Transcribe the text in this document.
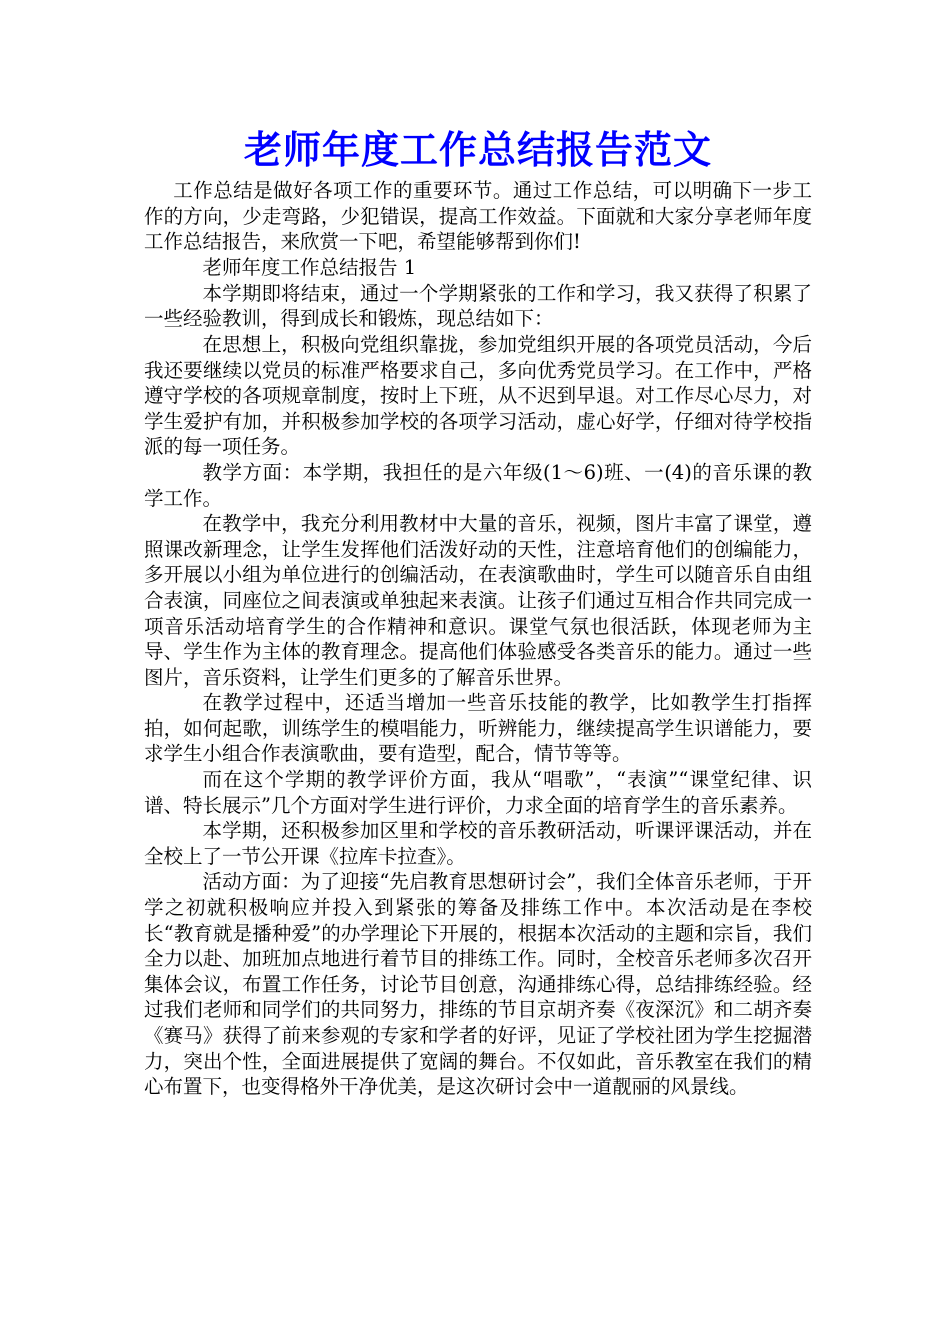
老师年度工作总结报告范文

工作总结是做好各项工作的重要环节。通过工作总结，可以明确下一步工作的方向，少走弯路，少犯错误，提高工作效益。下面就和大家分享老师年度工作总结报告，来欣赏一下吧，希望能够帮到你们!

老师年度工作总结报告 1

本学期即将结束，通过一个学期紧张的工作和学习，我又获得了积累了一些经验教训，得到成长和锻炼，现总结如下：

在思想上，积极向党组织靠拢，参加党组织开展的各项党员活动，今后我还要继续以党员的标准严格要求自己，多向优秀党员学习。在工作中，严格遵守学校的各项规章制度，按时上下班，从不迟到早退。对工作尽心尽力，对学生爱护有加，并积极参加学校的各项学习活动，虚心好学，仔细对待学校指派的每一项任务。

教学方面：本学期，我担任的是六年级(1～6)班、一(4)的音乐课的教学工作。

在教学中，我充分利用教材中大量的音乐，视频，图片丰富了课堂，遵照课改新理念，让学生发挥他们活泼好动的天性，注意培育他们的创编能力，多开展以小组为单位进行的创编活动，在表演歌曲时，学生可以随音乐自由组合表演，同座位之间表演或单独起来表演。让孩子们通过互相合作共同完成一项音乐活动培育学生的合作精神和意识。课堂气氛也很活跃，体现老师为主导、学生作为主体的教育理念。提高他们体验感受各类音乐的能力。通过一些图片，音乐资料，让学生们更多的了解音乐世界。

在教学过程中，还适当增加一些音乐技能的教学，比如教学生打指挥拍，如何起歌，训练学生的模唱能力，听辨能力，继续提高学生识谱能力，要求学生小组合作表演歌曲，要有造型，配合，情节等等。

而在这个学期的教学评价方面，我从“唱歌”，“表演”“课堂纪律、识谱、特长展示”几个方面对学生进行评价，力求全面的培育学生的音乐素养。

本学期，还积极参加区里和学校的音乐教研活动，听课评课活动，并在全校上了一节公开课《拉库卡拉查》。

活动方面：为了迎接“先启教育思想研讨会”，我们全体音乐老师，于开学之初就积极响应并投入到紧张的筹备及排练工作中。本次活动是在李校长“教育就是播种爱”的办学理论下开展的，根据本次活动的主题和宗旨，我们全力以赴、加班加点地进行着节目的排练工作。同时，全校音乐老师多次召开集体会议，布置工作任务，讨论节目创意，沟通排练心得，总结排练经验。经过我们老师和同学们的共同努力，排练的节目京胡齐奏《夜深沉》和二胡齐奏《赛马》获得了前来参观的专家和学者的好评，见证了学校社团为学生挖掘潜力，突出个性，全面进展提供了宽阔的舞台。不仅如此，音乐教室在我们的精心布置下，也变得格外干净优美，是这次研讨会中一道靓丽的风景线。
